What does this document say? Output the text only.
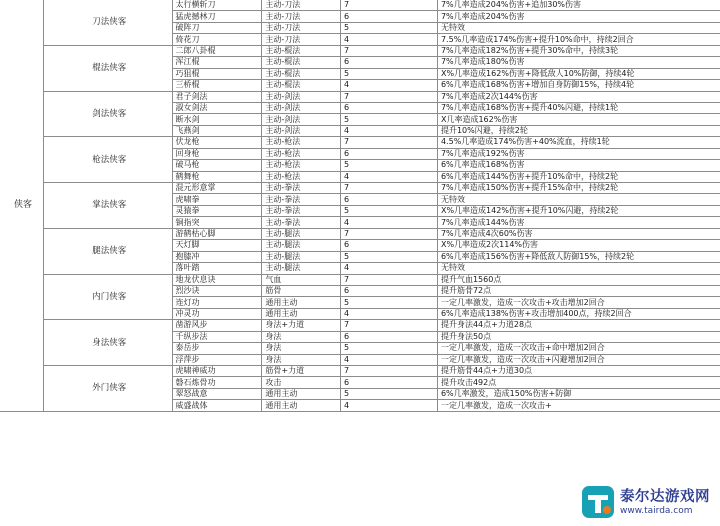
侠客	刀法侠客	太行横斩刀	主动-刀法	7	7%几率造成204%伤害+追加30%伤害
		猛虎撼林刀	主动-刀法	6	7%几率造成204%伤害
		破阵刀	主动-刀法	5	无特效
		倚花刀	主动-刀法	4	7.5%几率造成174%伤害+提升10%命中，持续2回合
	棍法侠客	二郎八卦棍	主动-棍法	7	7%几率造成182%伤害+提升30%命中，持续3轮
		浑江棍	主动-棍法	6	7%几率造成180%伤害
		巧狙棍	主动-棍法	5	X%几率造成162%伤害+降低敌人10%防御，持续4轮
		三桥棍	主动-棍法	4	6%几率造成168%伤害+增加自身防御15%，持续4轮
	剑法侠客	君子剑法	主动-剑法	7	7%几率造成2次144%伤害
		淑女剑法	主动-剑法	6	7%几率造成168%伤害+提升40%闪避，持续1轮
		断水剑	主动-剑法	5	X几率造成162%伤害
		飞燕剑	主动-剑法	4	提升10%闪避，持续2轮
	枪法侠客	伏龙枪	主动-枪法	7	4.5%几率造成174%伤害+40%流血，持续1轮
		回身枪	主动-枪法	6	7%几率造成192%伤害
		破马枪	主动-枪法	5	6%几率造成168%伤害
		鹤舞枪	主动-枪法	4	6%几率造成144%伤害+提升10%命中，持续2轮
	掌法侠客	混元形意掌	主动-拳法	7	7%几率造成150%伤害+提升15%命中，持续2轮
		虎啸拳	主动-拳法	6	无特效
		灵猿拳	主动-拳法	5	X%几率造成142%伤害+提升10%闪避，持续2轮
		铜指突	主动-拳法	4	7%几率造成144%伤害
	腿法侠客	游鹤枯心脚	主动-腿法	7	7%几率造成4次60%伤害
		天灯脚	主动-腿法	6	X%几率造成2次114%伤害
		抱膝冲	主动-腿法	5	6%几率造成156%伤害+降低敌人防御15%，持续2轮
		落叶踏	主动-腿法	4	无特效
	内门侠客	地龙伏息诀	气血	7	提升气血1560点
		烈沙诀	筋骨	6	提升筋骨72点
		连灯功	通用主动	5	一定几率激发，造成一次攻击+攻击增加2回合
		冲灵功	通用主动	4	6%几率造成138%伤害+攻击增加400点，持续2回合
	身法侠客	凿游风步	身法+力道	7	提升身法44点+力道28点
		千纵步法	身法	6	提升身法50点
		泰岳步	身法	5	一定几率激发，造成一次攻击+命中增加2回合
		浮萍步	身法	4	一定几率激发，造成一次攻击+闪避增加2回合
	外门侠客	虎啸神威功	筋骨+力道	7	提升筋骨44点+力道30点
		磐石炼骨功	攻击	6	提升攻击492点
		翠怒战意	通用主动	5	6%几率激发，造成150%伤害+防御
		威盛战体	通用主动	4	一定几率激发，造成一次攻击+
泰尔达游戏网
www.tairda.com
